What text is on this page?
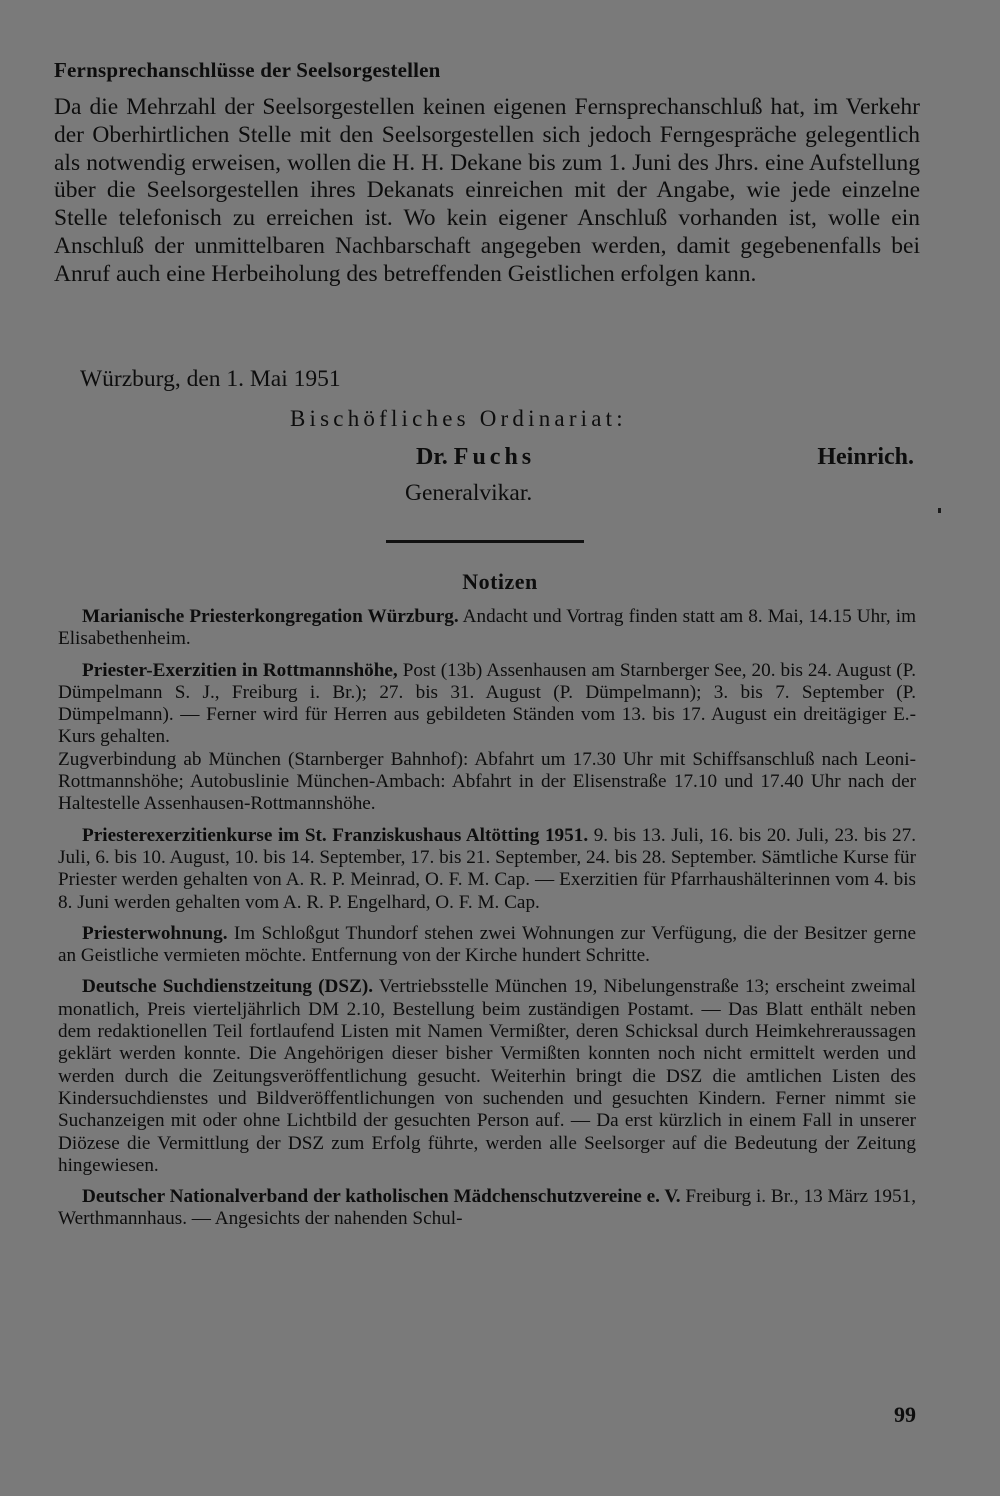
Fernsprechanschlüsse der Seelsorgestellen

Da die Mehrzahl der Seelsorgestellen keinen eigenen Fernsprechanschluß hat, im Verkehr der Oberhirtlichen Stelle mit den Seelsorgestellen sich jedoch Ferngespräche gelegentlich als notwendig erweisen, wollen die H. H. Dekane bis zum 1. Juni des Jhrs. eine Aufstellung über die Seelsorgestellen ihres Dekanats einreichen mit der Angabe, wie jede einzelne Stelle telefonisch zu erreichen ist. Wo kein eigener Anschluß vorhanden ist, wolle ein Anschluß der unmittelbaren Nachbarschaft angegeben werden, damit gegebenenfalls bei Anruf auch eine Herbeiholung des betreffenden Geistlichen erfolgen kann.

Würzburg, den 1. Mai 1951
Bischöfliches Ordinariat:
Dr. Fuchs	Heinrich.
Generalvikar.
Notizen

Marianische Priesterkongregation Würzburg. Andacht und Vortrag finden statt am 8. Mai, 14.15 Uhr, im Elisabethenheim.

Priester-Exerzitien in Rottmannshöhe, Post (13b) Assenhausen am Starnberger See, 20. bis 24. August (P. Dümpelmann S. J., Freiburg i. Br.); 27. bis 31. August (P. Dümpelmann); 3. bis 7. September (P. Dümpelmann). — Ferner wird für Herren aus gebildeten Ständen vom 13. bis 17. August ein dreitägiger E.-Kurs gehalten.

Zugverbindung ab München (Starnberger Bahnhof): Abfahrt um 17.30 Uhr mit Schiffsanschluß nach Leoni-Rottmannshöhe; Autobuslinie München-Ambach: Abfahrt in der Elisenstraße 17.10 und 17.40 Uhr nach der Haltestelle Assenhausen-Rottmannshöhe.

Priesterexerzitienkurse im St. Franziskushaus Altötting 1951. 9. bis 13. Juli, 16. bis 20. Juli, 23. bis 27. Juli, 6. bis 10. August, 10. bis 14. September, 17. bis 21. September, 24. bis 28. September. Sämtliche Kurse für Priester werden gehalten von A. R. P. Meinrad, O. F. M. Cap. — Exerzitien für Pfarrhaushälterinnen vom 4. bis 8. Juni werden gehalten vom A. R. P. Engelhard, O. F. M. Cap.

Priesterwohnung. Im Schloßgut Thundorf stehen zwei Wohnungen zur Verfügung, die der Besitzer gerne an Geistliche vermieten möchte. Entfernung von der Kirche hundert Schritte.

Deutsche Suchdienstzeitung (DSZ). Vertriebsstelle München 19, Nibelungenstraße 13; erscheint zweimal monatlich, Preis vierteljährlich DM 2.10, Bestellung beim zuständigen Postamt. — Das Blatt enthält neben dem redaktionellen Teil fortlaufend Listen mit Namen Vermißter, deren Schicksal durch Heimkehreraussagen geklärt werden konnte. Die Angehörigen dieser bisher Vermißten konnten noch nicht ermittelt werden und werden durch die Zeitungsveröffentlichung gesucht. Weiterhin bringt die DSZ die amtlichen Listen des Kindersuchdienstes und Bildveröffentlichungen von suchenden und gesuchten Kindern. Ferner nimmt sie Suchanzeigen mit oder ohne Lichtbild der gesuchten Person auf. — Da erst kürzlich in einem Fall in unserer Diözese die Vermittlung der DSZ zum Erfolg führte, werden alle Seelsorger auf die Bedeutung der Zeitung hingewiesen.

Deutscher Nationalverband der katholischen Mädchenschutzvereine e. V. Freiburg i. Br., 13 März 1951, Werthmannhaus. — Angesichts der nahenden Schul-

99
